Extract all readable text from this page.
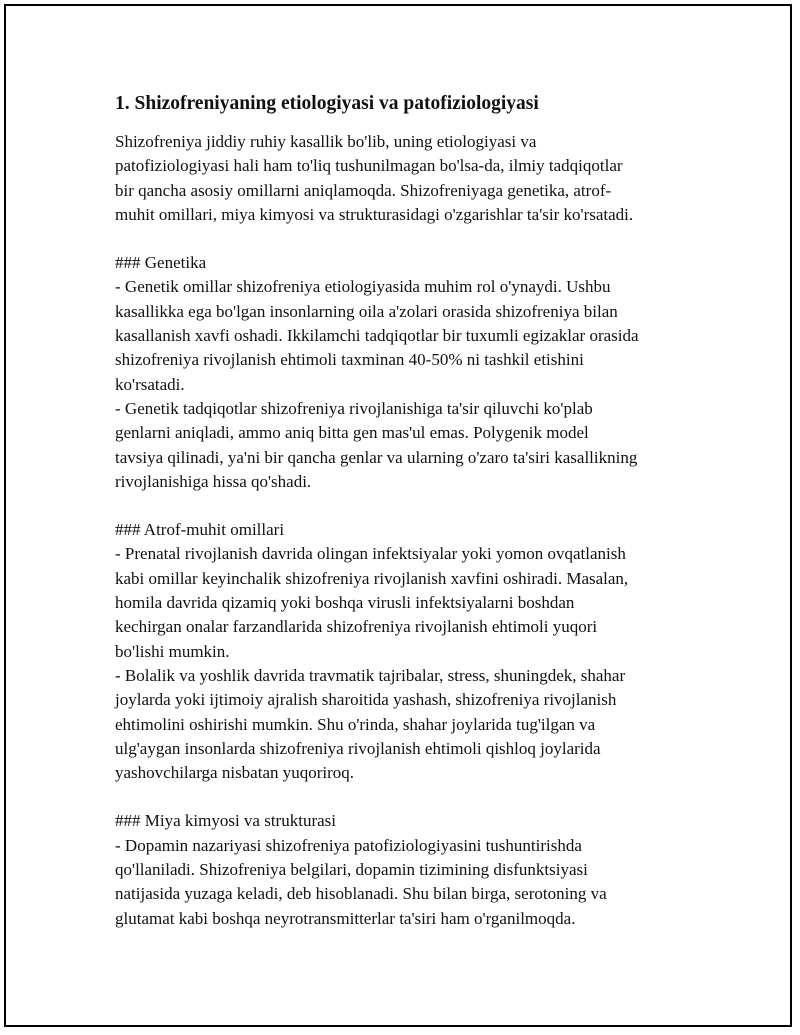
1. Shizofreniyaning etiologiyasi va patofiziologiyasi

Shizofreniya jiddiy ruhiy kasallik bo'lib, uning etiologiyasi va
patofiziologiyasi hali ham to'liq tushunilmagan bo'lsa-da, ilmiy tadqiqotlar
bir qancha asosiy omillarni aniqlamoqda. Shizofreniyaga genetika, atrof-
muhit omillari, miya kimyosi va strukturasidagi o'zgarishlar ta'sir ko'rsatadi.

### Genetika

- Genetik omillar shizofreniya etiologiyasida muhim rol o'ynaydi. Ushbu
kasallikka ega bo'lgan insonlarning oila a'zolari orasida shizofreniya bilan
kasallanish xavfi oshadi. Ikkilamchi tadqiqotlar bir tuxumli egizaklar orasida
shizofreniya rivojlanish ehtimoli taxminan 40-50% ni tashkil etishini
ko'rsatadi.

- Genetik tadqiqotlar shizofreniya rivojlanishiga ta'sir qiluvchi ko'plab
genlarni aniqladi, ammo aniq bitta gen mas'ul emas. Polygenik model
tavsiya qilinadi, ya'ni bir qancha genlar va ularning o'zaro ta'siri kasallikning
rivojlanishiga hissa qo'shadi.

### Atrof-muhit omillari

- Prenatal rivojlanish davrida olingan infektsiyalar yoki yomon ovqatlanish
kabi omillar keyinchalik shizofreniya rivojlanish xavfini oshiradi. Masalan,
homila davrida qizamiq yoki boshqa virusli infektsiyalarni boshdan
kechirgan onalar farzandlarida shizofreniya rivojlanish ehtimoli yuqori
bo'lishi mumkin.

- Bolalik va yoshlik davrida travmatik tajribalar, stress, shuningdek, shahar
joylarda yoki ijtimoiy ajralish sharoitida yashash, shizofreniya rivojlanish
ehtimolini oshirishi mumkin. Shu o'rinda, shahar joylarida tug'ilgan va
ulg'aygan insonlarda shizofreniya rivojlanish ehtimoli qishloq joylarida
yashovchilarga nisbatan yuqoriroq.

### Miya kimyosi va strukturasi

- Dopamin nazariyasi shizofreniya patofiziologiyasini tushuntirishda
qo'llaniladi. Shizofreniya belgilari, dopamin tizimining disfunktsiyasi
natijasida yuzaga keladi, deb hisoblanadi. Shu bilan birga, serotoning va
glutamat kabi boshqa neyrotransmitterlar ta'siri ham o'rganilmoqda.
